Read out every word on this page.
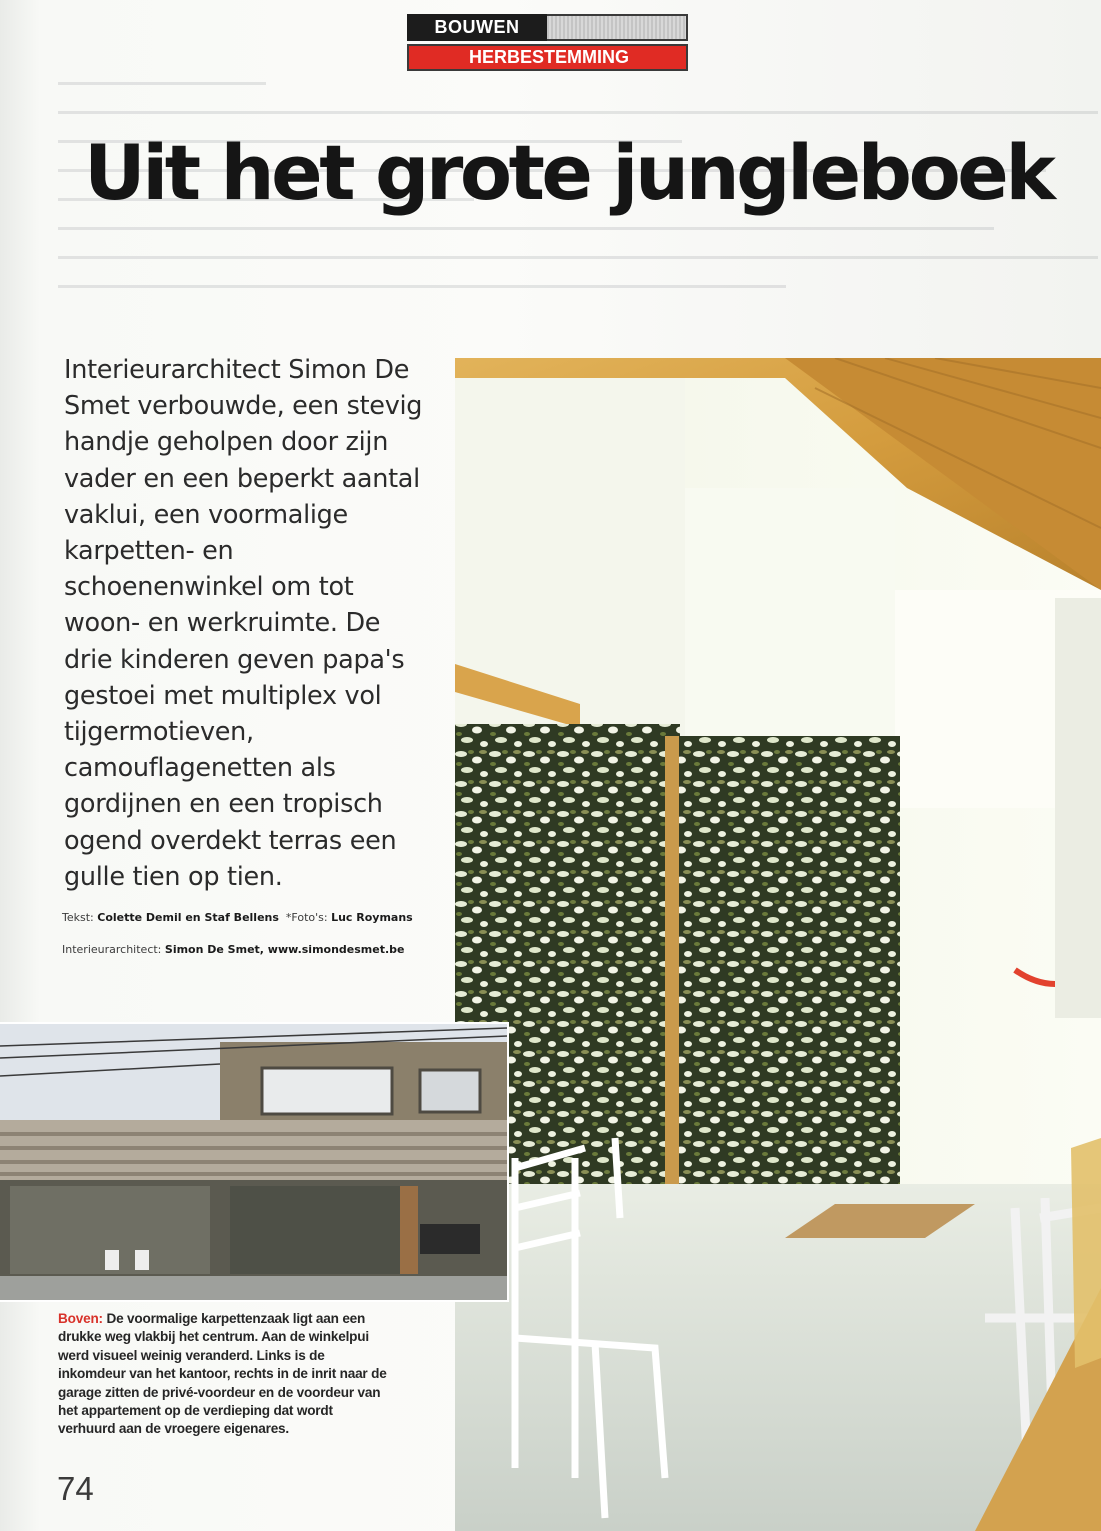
BOUWEN
HERBESTEMMING
Uit het grote jungleboek

Interieurarchitect Simon De
Smet verbouwde, een stevig
handje geholpen door zijn
vader en een beperkt aantal
vaklui, een voormalige
karpetten- en
schoenenwinkel om tot
woon- en werkruimte. De
drie kinderen geven papa's
gestoei met multiplex vol
tijgermotieven,
camouflagenetten als
gordijnen en een tropisch
ogend overdekt terras een
gulle tien op tien.

Tekst: Colette Demil en Staf Bellens *Foto's: Luc Roymans
Interieurarchitect: Simon De Smet, www.simondesmet.be

Boven: De voormalige karpettenzaak ligt aan een
drukke weg vlakbij het centrum. Aan de winkelpui
werd visueel weinig veranderd. Links is de
inkomdeur van het kantoor, rechts in de inrit naar de
garage zitten de privé-voordeur en de voordeur van
het appartement op de verdieping dat wordt
verhuurd aan de vroegere eigenares.

74
